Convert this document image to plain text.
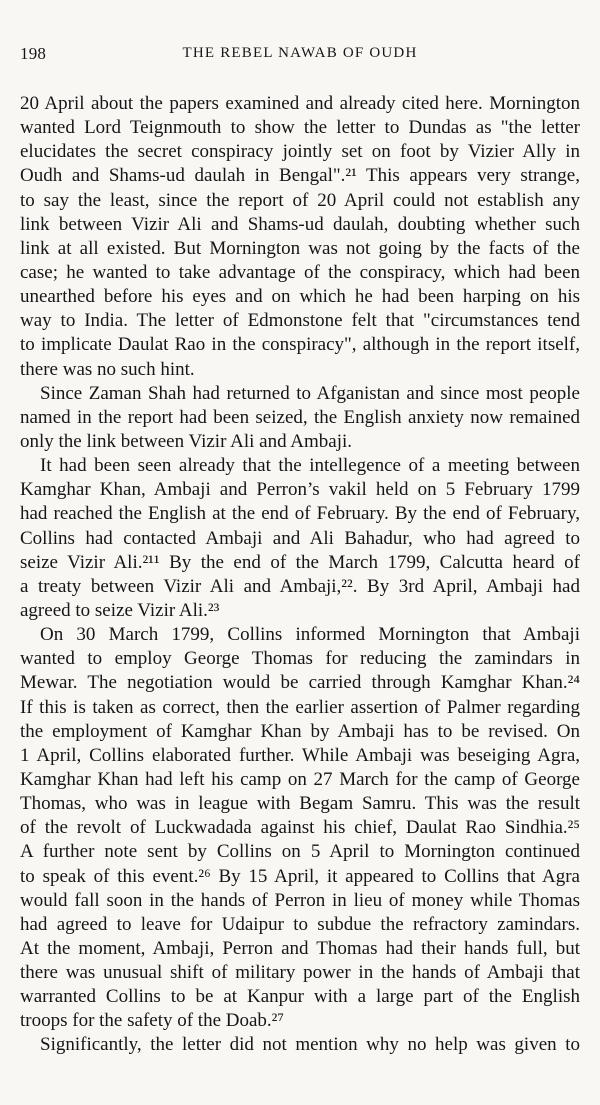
198	THE REBEL NAWAB OF OUDH
20 April about the papers examined and already cited here. Mornington
wanted Lord Teignmouth to show the letter to Dundas as "the letter
elucidates the secret conspiracy jointly set on foot by Vizier Ally in
Oudh and Shams-ud daulah in Bengal".²¹ This appears very strange,
to say the least, since the report of 20 April could not establish any
link between Vizir Ali and Shams-ud daulah, doubting whether such
link at all existed. But Mornington was not going by the facts of the
case; he wanted to take advantage of the conspiracy, which had been
unearthed before his eyes and on which he had been harping on his
way to India. The letter of Edmonstone felt that "circumstances tend
to implicate Daulat Rao in the conspiracy", although in the report itself,
there was no such hint.
Since Zaman Shah had returned to Afganistan and since most people
named in the report had been seized, the English anxiety now remained
only the link between Vizir Ali and Ambaji.
It had been seen already that the intellegence of a meeting between
Kamghar Khan, Ambaji and Perron’s vakil held on 5 February 1799
had reached the English at the end of February. By the end of February,
Collins had contacted Ambaji and Ali Bahadur, who had agreed to
seize Vizir Ali.²¹¹ By the end of the March 1799, Calcutta heard of
a treaty between Vizir Ali and Ambaji,²². By 3rd April, Ambaji had
agreed to seize Vizir Ali.²³
On 30 March 1799, Collins informed Mornington that Ambaji
wanted to employ George Thomas for reducing the zamindars in
Mewar. The negotiation would be carried through Kamghar Khan.²⁴
If this is taken as correct, then the earlier assertion of Palmer regarding
the employment of Kamghar Khan by Ambaji has to be revised. On
1 April, Collins elaborated further. While Ambaji was beseiging Agra,
Kamghar Khan had left his camp on 27 March for the camp of George
Thomas, who was in league with Begam Samru. This was the result
of the revolt of Luckwadada against his chief, Daulat Rao Sindhia.²⁵
A further note sent by Collins on 5 April to Mornington continued
to speak of this event.²⁶ By 15 April, it appeared to Collins that Agra
would fall soon in the hands of Perron in lieu of money while Thomas
had agreed to leave for Udaipur to subdue the refractory zamindars.
At the moment, Ambaji, Perron and Thomas had their hands full, but
there was unusual shift of military power in the hands of Ambaji that
warranted Collins to be at Kanpur with a large part of the English
troops for the safety of the Doab.²⁷
Significantly, the letter did not mention why no help was given to
